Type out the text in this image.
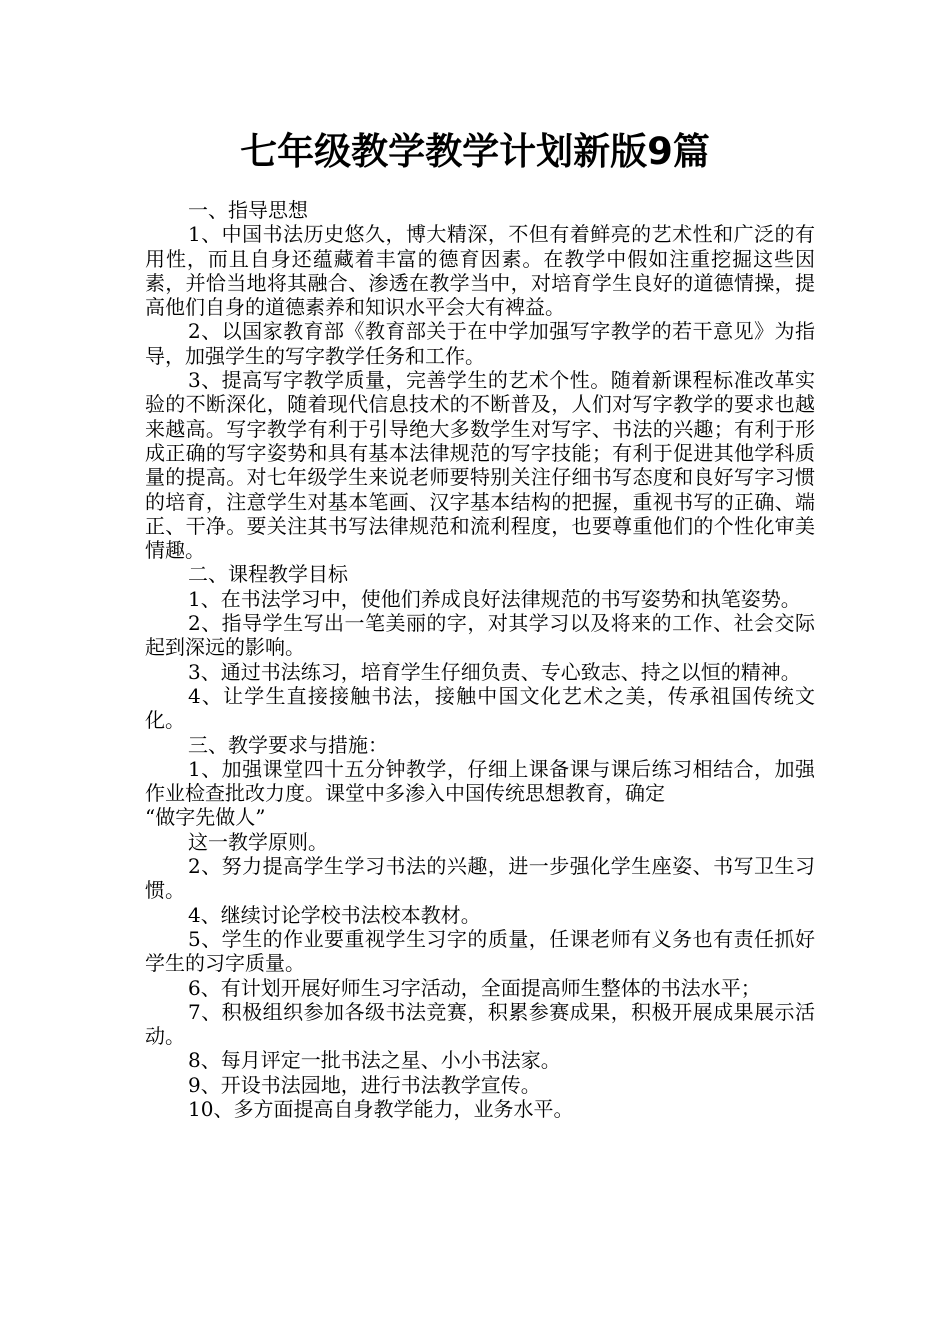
七年级教学教学计划新版9篇

一、指导思想

1、中国书法历史悠久，博大精深，不但有着鲜亮的艺术性和广泛的有用性，而且自身还蕴藏着丰富的德育因素。在教学中假如注重挖掘这些因素，并恰当地将其融合、渗透在教学当中，对培育学生良好的道德情操，提高他们自身的道德素养和知识水平会大有裨益。

2、以国家教育部《教育部关于在中学加强写字教学的若干意见》为指导，加强学生的写字教学任务和工作。

3、提高写字教学质量，完善学生的艺术个性。随着新课程标准改革实验的不断深化，随着现代信息技术的不断普及，人们对写字教学的要求也越来越高。写字教学有利于引导绝大多数学生对写字、书法的兴趣；有利于形成正确的写字姿势和具有基本法律规范的写字技能；有利于促进其他学科质量的提高。对七年级学生来说老师要特别关注仔细书写态度和良好写字习惯的培育，注意学生对基本笔画、汉字基本结构的把握，重视书写的正确、端正、干净。要关注其书写法律规范和流利程度，也要尊重他们的个性化审美情趣。

二、课程教学目标

1、在书法学习中，使他们养成良好法律规范的书写姿势和执笔姿势。

2、指导学生写出一笔美丽的字，对其学习以及将来的工作、社会交际起到深远的影响。

3、通过书法练习，培育学生仔细负责、专心致志、持之以恒的精神。

4、让学生直接接触书法，接触中国文化艺术之美，传承祖国传统文化。

三、教学要求与措施：

1、加强课堂四十五分钟教学，仔细上课备课与课后练习相结合，加强作业检查批改力度。课堂中多渗入中国传统思想教育，确定

“做字先做人”

这一教学原则。

2、努力提高学生学习书法的兴趣，进一步强化学生座姿、书写卫生习惯。

4、继续讨论学校书法校本教材。

5、学生的作业要重视学生习字的质量，任课老师有义务也有责任抓好学生的习字质量。

6、有计划开展好师生习字活动，全面提高师生整体的书法水平；

7、积极组织参加各级书法竞赛，积累参赛成果，积极开展成果展示活动。

8、每月评定一批书法之星、小小书法家。

9、开设书法园地，进行书法教学宣传。

10、多方面提高自身教学能力，业务水平。
